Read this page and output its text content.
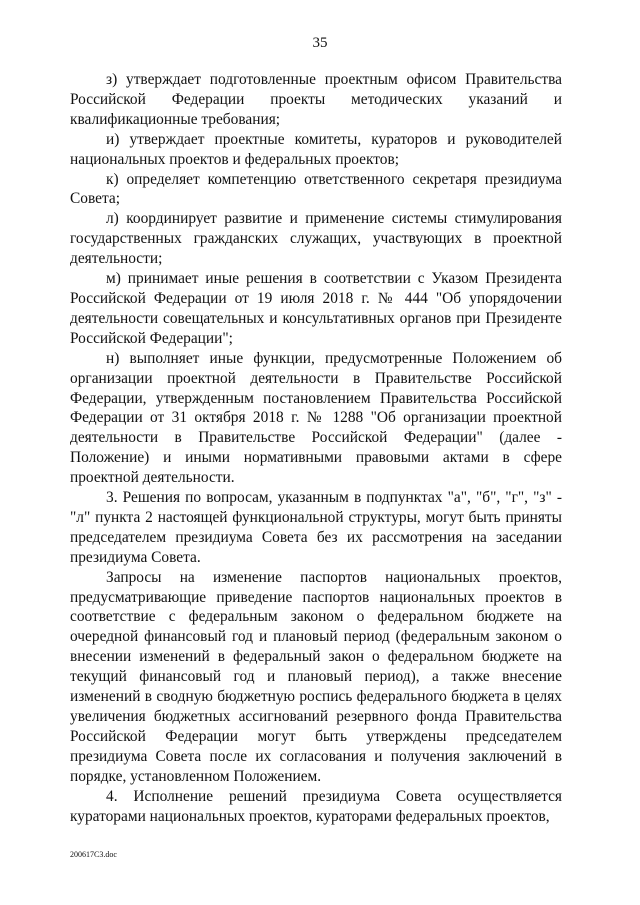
35

з) утверждает подготовленные проектным офисом Правительства Российской Федерации проекты методических указаний и квалификационные требования;

и) утверждает проектные комитеты, кураторов и руководителей национальных проектов и федеральных проектов;

к) определяет компетенцию ответственного секретаря президиума Совета;

л) координирует развитие и применение системы стимулирования государственных гражданских служащих, участвующих в проектной деятельности;

м) принимает иные решения в соответствии с Указом Президента Российской Федерации от 19 июля 2018 г. № 444 "Об упорядочении деятельности совещательных и консультативных органов при Президенте Российской Федерации";

н) выполняет иные функции, предусмотренные Положением об организации проектной деятельности в Правительстве Российской Федерации, утвержденным постановлением Правительства Российской Федерации от 31 октября 2018 г. № 1288 "Об организации проектной деятельности в Правительстве Российской Федерации" (далее - Положение) и иными нормативными правовыми актами в сфере проектной деятельности.

3. Решения по вопросам, указанным в подпунктах "а", "б", "г", "з" - "л" пункта 2 настоящей функциональной структуры, могут быть приняты председателем президиума Совета без их рассмотрения на заседании президиума Совета.

Запросы на изменение паспортов национальных проектов, предусматривающие приведение паспортов национальных проектов в соответствие с федеральным законом о федеральном бюджете на очередной финансовый год и плановый период (федеральным законом о внесении изменений в федеральный закон о федеральном бюджете на текущий финансовый год и плановый период), а также внесение изменений в сводную бюджетную роспись федерального бюджета в целях увеличения бюджетных ассигнований резервного фонда Правительства Российской Федерации могут быть утверждены председателем президиума Совета после их согласования и получения заключений в порядке, установленном Положением.

4. Исполнение решений президиума Совета осуществляется кураторами национальных проектов, кураторами федеральных проектов,

200617C3.doc
